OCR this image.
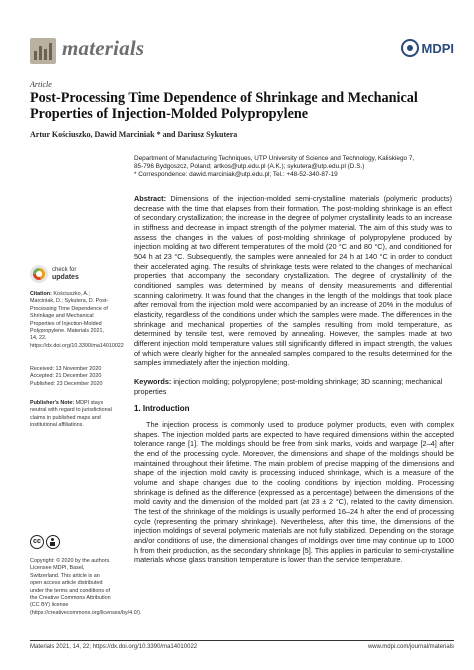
materials	MDPI
Article
Post-Processing Time Dependence of Shrinkage and Mechanical Properties of Injection-Molded Polypropylene
Artur Kościuszko, Dawid Marciniak * and Dariusz Sykutera
Department of Manufacturing Techniques, UTP University of Science and Technology, Kaliskiego 7,
85-796 Bydgoszcz, Poland; artkos@utp.edu.pl (A.K.); sykutera@utp.edu.pl (D.S.)
* Correspondence: dawid.marciniak@utp.edu.pl; Tel.: +48-52-340-87-19
Abstract: Dimensions of the injection-molded semi-crystalline materials (polymeric products) decrease with the time that elapses from their formation. The post-molding shrinkage is an effect of secondary crystallization; the increase in the degree of polymer crystallinity leads to an increase in stiffness and decrease in impact strength of the polymer material. The aim of this study was to assess the changes in the values of post-molding shrinkage of polypropylene produced by injection molding at two different temperatures of the mold (20 °C and 80 °C), and conditioned for 504 h at 23 °C. Subsequently, the samples were annealed for 24 h at 140 °C in order to conduct their accelerated aging. The results of shrinkage tests were related to the changes of mechanical properties that accompany the secondary crystallization. The degree of crystallinity of the conditioned samples was determined by means of density measurements and differential scanning calorimetry. It was found that the changes in the length of the moldings that took place after removal from the injection mold were accompanied by an increase of 20% in the modulus of elasticity, regardless of the conditions under which the samples were made. The differences in the shrinkage and mechanical properties of the samples resulting from mold temperature, as determined by tensile test, were removed by annealing. However, the samples made at two different injection mold temperature values still significantly differed in impact strength, the values of which were clearly higher for the annealed samples compared to the results determined for the samples immediately after the injection molding.
Keywords: injection molding; polypropylene; post-molding shrinkage; 3D scanning; mechanical properties
check for
updates
Citation: Kościuszko, A.; Marciniak, D.; Sykutera, D. Post-Processing Time Dependence of Shrinkage and Mechanical Properties of Injection-Molded Polypropylene. Materials 2021, 14, 22. https://dx.doi.org/10.3390/ma14010022
Received: 13 November 2020
Accepted: 21 December 2020
Published: 23 December 2020
Publisher's Note: MDPI stays neutral with regard to jurisdictional claims in published maps and institutional affiliations.
cc
Copyright: © 2020 by the authors. Licensee MDPI, Basel, Switzerland. This article is an open access article distributed under the terms and conditions of the Creative Commons Attribution (CC BY) license (https://creativecommons.org/licenses/by/4.0/).
1. Introduction
The injection process is commonly used to produce polymer products, even with complex shapes. The injection molded parts are expected to have required dimensions within the accepted tolerance range [1]. The moldings should be free from sink marks, voids and warpage [2–4] after the end of the processing cycle. Moreover, the dimensions and shape of the moldings should be maintained throughout their lifetime. The main problem of precise mapping of the dimensions and shape of the injection mold cavity is processing induced shrinkage, which is a measure of the volume and shape changes due to the cooling conditions by injection molding. Processing shrinkage is defined as the difference (expressed as a percentage) between the dimensions of the mold cavity and the dimension of the molded part (at 23 ± 2 °C), related to the cavity dimension. The test of the shrinkage of the moldings is usually performed 16–24 h after the end of processing cycle (representing the primary shrinkage). Nevertheless, after this time, the dimensions of the injection moldings of several polymeric materials are not fully stabilized. Depending on the storage and/or conditions of use, the dimensional changes of moldings over time may continue up to 1000 h from their production, as the secondary shrinkage [5]. This applies in particular to semi-crystalline materials whose glass transition temperature is lower than the service temperature.
Materials 2021, 14, 22; https://dx.doi.org/10.3390/ma14010022	www.mdpi.com/journal/materials
